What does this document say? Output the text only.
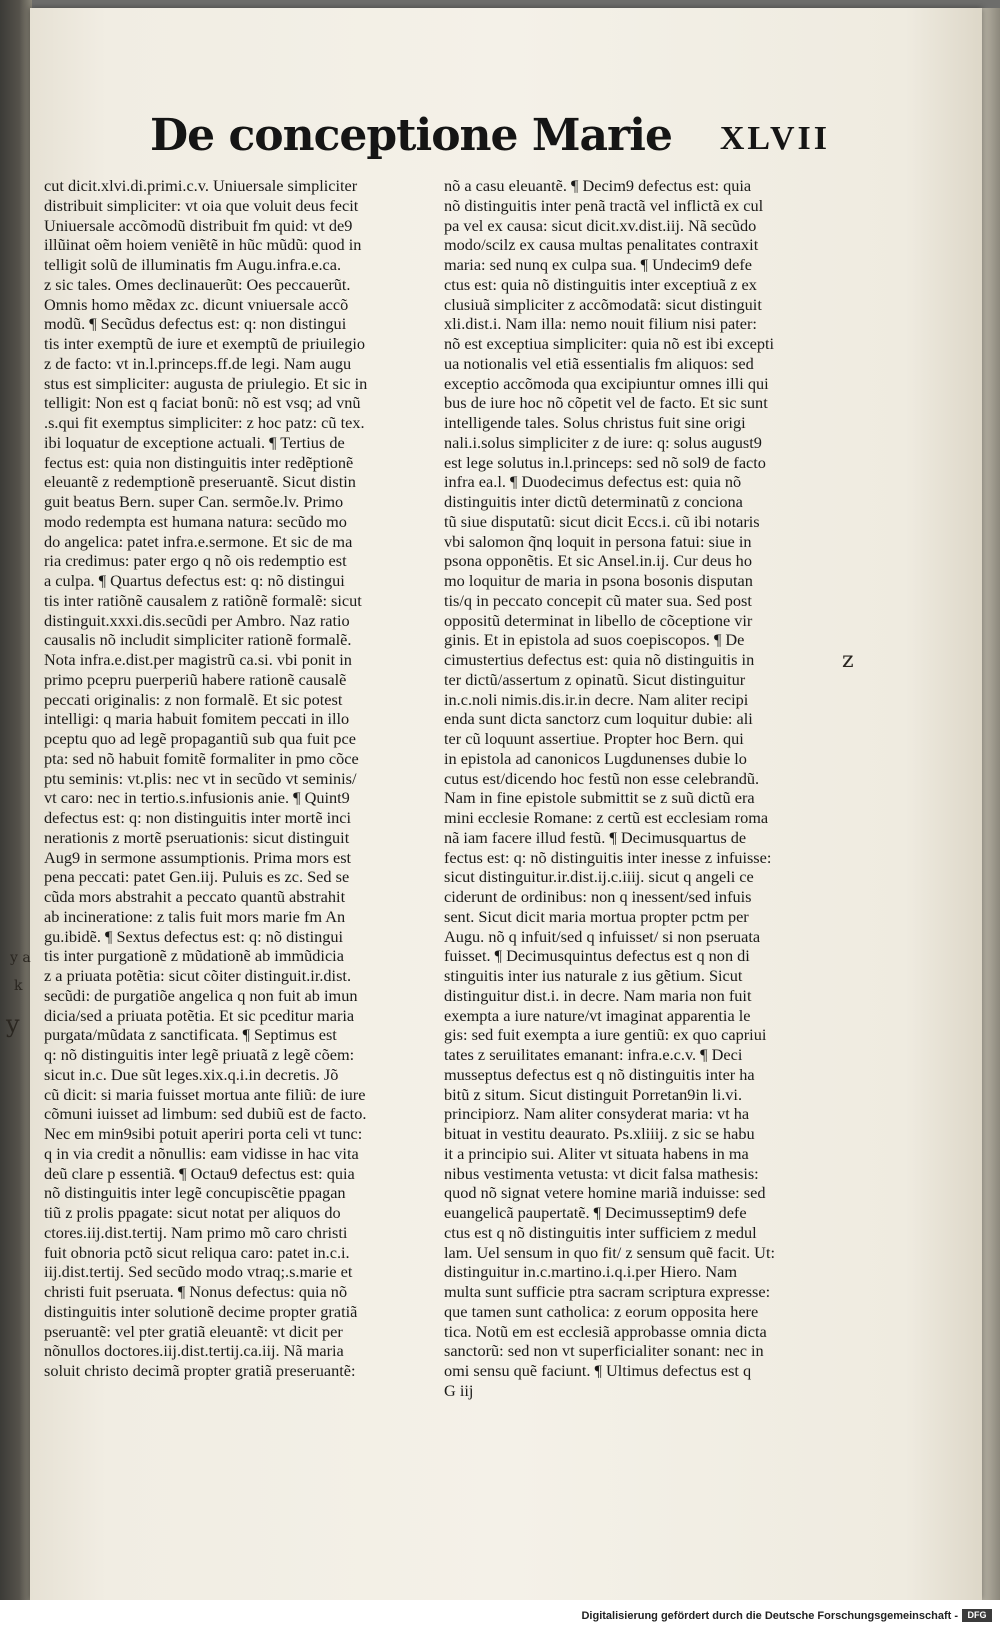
De conceptione Marie XLVII
cut dicit.xlvi.di.primi.c.v. Uniuersale simpliciter
distribuit simpliciter: vt oia que voluit deus fecit
Uniuersale accõmodũ distribuit fm quid: vt de9
illũinat oẽm hoiem veniẽtẽ in hũc mũdũ: quod in
telligit solũ de illuminatis fm Augu.infra.e.ca.
z sic tales. Omes declinauerũt: Oes peccauerũt.
Omnis homo mẽdax zc. dicunt vniuersale accõ
modũ. ¶ Secũdus defectus est: q: non distingui
tis inter exemptũ de iure et exemptũ de priuilegio
z de facto: vt in.l.princeps.ff.de legi. Nam augu
stus est simpliciter: augusta de priulegio. Et sic in
telligit: Non est q faciat bonũ: nõ est vsq; ad vnũ
.s.qui fit exemptus simpliciter: z hoc patz: cũ tex.
ibi loquatur de exceptione actuali. ¶ Tertius de
fectus est: quia non distinguitis inter redẽptionẽ
eleuantẽ z redemptionẽ preseruantẽ. Sicut distin
guit beatus Bern. super Can. sermõe.lv. Primo
modo redempta est humana natura: secũdo mo
do angelica: patet infra.e.sermone. Et sic de ma
ria credimus: pater ergo q nõ ois redemptio est
a culpa. ¶ Quartus defectus est: q: nõ distingui
tis inter ratiõnẽ causalem z ratiõnẽ formalẽ: sicut
distinguit.xxxi.dis.secũdi per Ambro. Naz ratio
causalis nõ includit simpliciter rationẽ formalẽ.
Nota infra.e.dist.per magistrũ ca.si. vbi ponit in
primo pcepru puerperiũ habere rationẽ causalẽ
peccati originalis: z non formalẽ. Et sic potest
intelligi: q maria habuit fomitem peccati in illo
pceptu quo ad legẽ propagantiũ sub qua fuit pce
pta: sed nõ habuit fomitẽ formaliter in pmo cõce
ptu seminis: vt.plis: nec vt in secũdo vt seminis/
vt caro: nec in tertio.s.infusionis anie. ¶ Quint9
defectus est: q: non distinguitis inter mortẽ inci
nerationis z mortẽ pseruationis: sicut distinguit
Aug9 in sermone assumptionis. Prima mors est
pena peccati: patet Gen.iij. Puluis es zc. Sed se
cũda mors abstrahit a peccato quantũ abstrahit
ab incineratione: z talis fuit mors marie fm An
gu.ibidẽ. ¶ Sextus defectus est: q: nõ distingui
tis inter purgationẽ z mũdationẽ ab immũdicia
z a priuata potẽtia: sicut cõiter distinguit.ir.dist.
secũdi: de purgatiõe angelica q non fuit ab imun
dicia/sed a priuata potẽtia. Et sic pceditur maria
purgata/mũdata z sanctificata. ¶ Septimus est
q: nõ distinguitis inter legẽ priuatã z legẽ cõem:
sicut in.c. Due sũt leges.xix.q.i.in decretis. Jõ
cũ dicit: si maria fuisset mortua ante filiũ: de iure
cõmuni iuisset ad limbum: sed dubiũ est de facto.
Nec em min9sibi potuit aperiri porta celi vt tunc:
q in via credit a nõnullis: eam vidisse in hac vita
deũ clare p essentiã. ¶ Octau9 defectus est: quia
nõ distinguitis inter legẽ concupiscẽtie ppagan
tiũ z prolis ppagate: sicut notat per aliquos do
ctores.iij.dist.tertij. Nam primo mõ caro christi
fuit obnoria pctõ sicut reliqua caro: patet in.c.i.
iij.dist.tertij. Sed secũdo modo vtraq;.s.marie et
christi fuit pseruata. ¶ Nonus defectus: quia nõ
distinguitis inter solutionẽ decime propter gratiã
pseruantẽ: vel pter gratiã eleuantẽ: vt dicit per
nõnullos doctores.iij.dist.tertij.ca.iij. Nã maria
soluit christo decimã propter gratiã preseruantẽ:
nõ a casu eleuantẽ. ¶ Decim9 defectus est: quia
nõ distinguitis inter penã tractã vel inflictã ex cul
pa vel ex causa: sicut dicit.xv.dist.iij. Nã secũdo
modo/scilz ex causa multas penalitates contraxit
maria: sed nunq ex culpa sua. ¶ Undecim9 defe
ctus est: quia nõ distinguitis inter exceptiuã z ex
clusiuã simpliciter z accõmodatã: sicut distinguit
xli.dist.i. Nam illa: nemo nouit filium nisi pater:
nõ est exceptiua simpliciter: quia nõ est ibi excepti
ua notionalis vel etiã essentialis fm aliquos: sed
exceptio accõmoda qua excipiuntur omnes illi qui
bus de iure hoc nõ cõpetit vel de facto. Et sic sunt
intelligende tales. Solus christus fuit sine origi
nali.i.solus simpliciter z de iure: q: solus august9
est lege solutus in.l.princeps: sed nõ sol9 de facto
infra ea.l. ¶ Duodecimus defectus est: quia nõ
distinguitis inter dictũ determinatũ z conciona
tũ siue disputatũ: sicut dicit Eccs.i. cũ ibi notaris
vbi salomon q̃nq loquit in persona fatui: siue in
psona opponẽtis. Et sic Ansel.in.ij. Cur deus ho
mo loquitur de maria in psona bosonis disputan
tis/q in peccato concepit cũ mater sua. Sed post
oppositũ determinat in libello de cõceptione vir
ginis. Et in epistola ad suos coepiscopos. ¶ De
cimustertius defectus est: quia nõ distinguitis in
ter dictũ/assertum z opinatũ. Sicut distinguitur
in.c.noli nimis.dis.ir.in decre. Nam aliter recipi
enda sunt dicta sanctorz cum loquitur dubie: ali
ter cũ loquunt assertiue. Propter hoc Bern. qui
in epistola ad canonicos Lugdunenses dubie lo
cutus est/dicendo hoc festũ non esse celebrandũ.
Nam in fine epistole submittit se z suũ dictũ era
mini ecclesie Romane: z certũ est ecclesiam roma
nã iam facere illud festũ. ¶ Decimusquartus de
fectus est: q: nõ distinguitis inter inesse z infuisse:
sicut distinguitur.ir.dist.ij.c.iiij. sicut q angeli ce
ciderunt de ordinibus: non q inessent/sed infuis
sent. Sicut dicit maria mortua propter pctm per
Augu. nõ q infuit/sed q infuisset/ si non pseruata
fuisset. ¶ Decimusquintus defectus est q non di
stinguitis inter ius naturale z ius gẽtium. Sicut
distinguitur dist.i. in decre. Nam maria non fuit
exempta a iure nature/vt imaginat apparentia le
gis: sed fuit exempta a iure gentiũ: ex quo capriui
tates z seruilitates emanant: infra.e.c.v. ¶ Deci
musseptus defectus est q nõ distinguitis inter ha
bitũ z situm. Sicut distinguit Porretan9in li.vi.
principiorz. Nam aliter consyderat maria: vt ha
bituat in vestitu deaurato. Ps.xliiij. z sic se habu
it a principio sui. Aliter vt situata habens in ma
nibus vestimenta vetusta: vt dicit falsa mathesis:
quod nõ signat vetere homine mariã induisse: sed
euangelicã paupertatẽ. ¶ Decimusseptim9 defe
ctus est q nõ distinguitis inter sufficiem z medul
lam. Uel sensum in quo fit/ z sensum quẽ facit. Ut:
distinguitur in.c.martino.i.q.i.per Hiero. Nam
multa sunt sufficie ptra sacram scriptura expresse:
que tamen sunt catholica: z eorum opposita here
tica. Notũ em est ecclesiã approbasse omnia dicta
sanctorũ: sed non vt superficialiter sonant: nec in
omi sensu quẽ faciunt. ¶ Ultimus defectus est q
G iij
z
y
k
y a
Digitalisierung gefördert durch die Deutsche Forschungsgemeinschaft -	DFG
